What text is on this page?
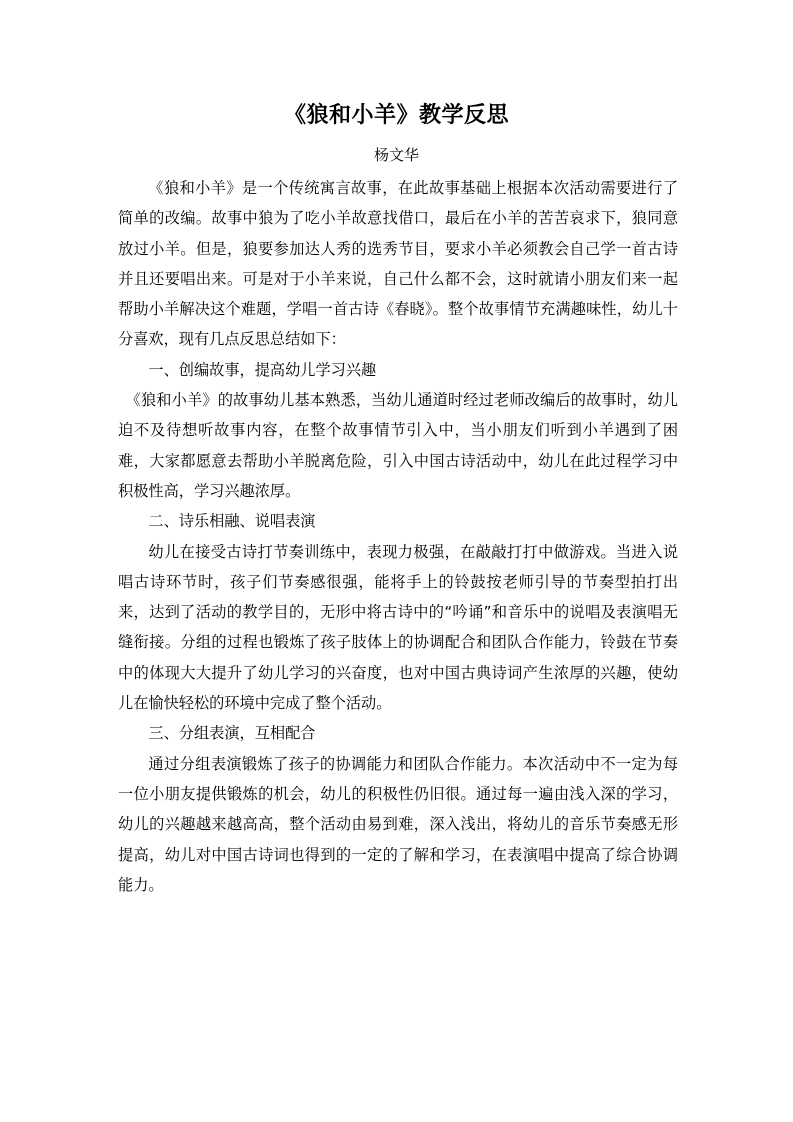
《狼和小羊》教学反思
杨文华

《狼和小羊》是一个传统寓言故事，在此故事基础上根据本次活动需要进行了简单的改编。故事中狼为了吃小羊故意找借口，最后在小羊的苦苦哀求下，狼同意放过小羊。但是，狼要参加达人秀的选秀节目，要求小羊必须教会自己学一首古诗并且还要唱出来。可是对于小羊来说，自己什么都不会，这时就请小朋友们来一起帮助小羊解决这个难题，学唱一首古诗《春晓》。整个故事情节充满趣味性，幼儿十分喜欢，现有几点反思总结如下：

一、创编故事，提高幼儿学习兴趣

《狼和小羊》的故事幼儿基本熟悉，当幼儿通道时经过老师改编后的故事时，幼儿迫不及待想听故事内容，在整个故事情节引入中，当小朋友们听到小羊遇到了困难，大家都愿意去帮助小羊脱离危险，引入中国古诗活动中，幼儿在此过程学习中积极性高，学习兴趣浓厚。

二、诗乐相融、说唱表演

幼儿在接受古诗打节奏训练中，表现力极强，在敲敲打打中做游戏。当进入说唱古诗环节时，孩子们节奏感很强，能将手上的铃鼓按老师引导的节奏型拍打出来，达到了活动的教学目的，无形中将古诗中的“吟诵”和音乐中的说唱及表演唱无缝衔接。分组的过程也锻炼了孩子肢体上的协调配合和团队合作能力，铃鼓在节奏中的体现大大提升了幼儿学习的兴奋度，也对中国古典诗词产生浓厚的兴趣，使幼儿在愉快轻松的环境中完成了整个活动。

三、分组表演，互相配合

通过分组表演锻炼了孩子的协调能力和团队合作能力。本次活动中不一定为每一位小朋友提供锻炼的机会，幼儿的积极性仍旧很。通过每一遍由浅入深的学习，幼儿的兴趣越来越高高，整个活动由易到难，深入浅出，将幼儿的音乐节奏感无形提高，幼儿对中国古诗词也得到的一定的了解和学习，在表演唱中提高了综合协调能力。
